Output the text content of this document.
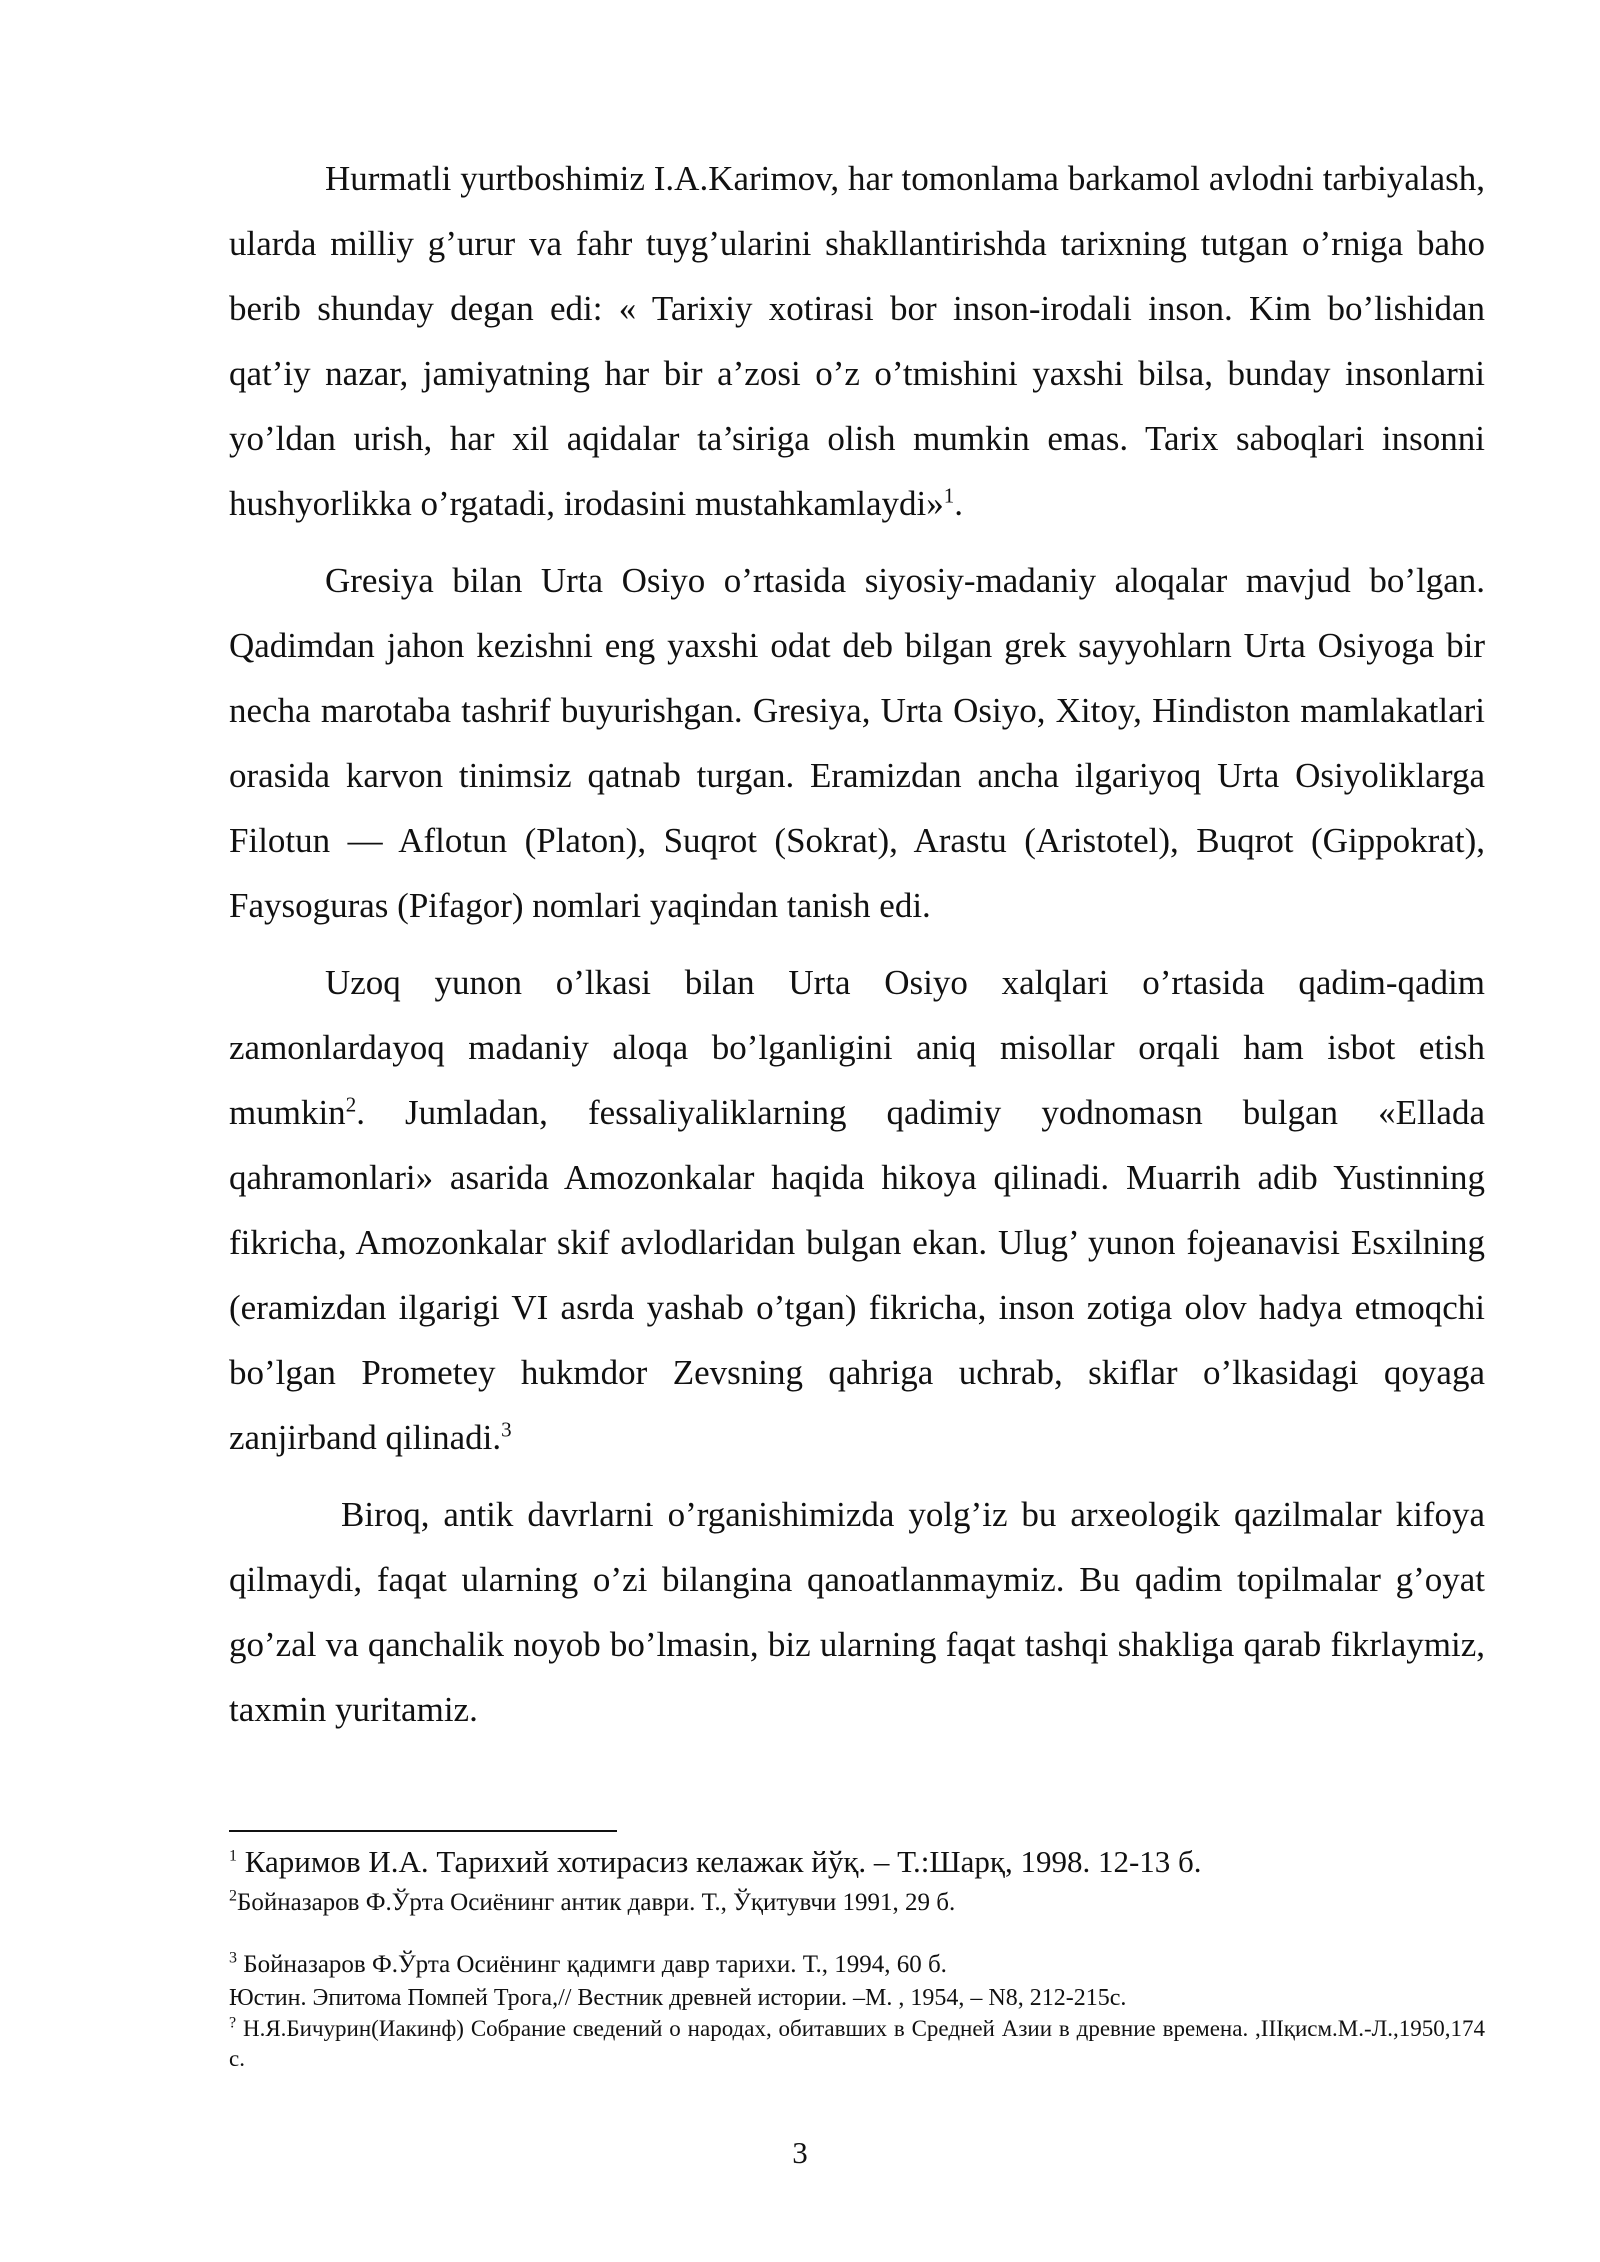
Hurmatli yurtboshimiz I.A.Karimov, har tomonlama barkamol avlodni tarbiyalash, ularda milliy g’urur va fahr tuyg’ularini shakllantirishda tarixning tutgan o’rniga baho berib shunday degan edi: « Tarixiy xotirasi bor inson-irodali inson. Kim bo’lishidan qat’iy nazar, jamiyatning har bir a’zosi o’z o’tmishini yaxshi bilsa, bunday insonlarni yo’ldan urish, har xil aqidalar ta’siriga olish mumkin emas. Tarix saboqlari insonni hushyorlikka o’rgatadi, irodasini mustahkamlaydi»$^1$.

Gresiya bilan Urta Osiyo o’rtasida siyosiy-madaniy aloqalar mavjud bo’lgan. Qadimdan jahon kezishni eng yaxshi odat deb bilgan grek sayyohlarn Urta Osiyoga bir necha marotaba tashrif buyurishgan. Gresiya, Urta Osiyo, Xitoy, Hindiston mamlakatlari orasida karvon tinimsiz qatnab turgan. Eramizdan ancha ilgariyoq Urta Osiyoliklarga Filotun — Aflotun (Platon), Suqrot (Sokrat), Arastu (Aristotel), Buqrot (Gippokrat), Faysoguras (Pifagor) nomlari yaqindan tanish edi.

Uzoq yunon o’lkasi bilan Urta Osiyo xalqlari o’rtasida qadim-qadim zamonlardayoq madaniy aloqa bo’lganligini aniq misollar orqali ham isbot etish mumkin$^2$. Jumladan, fessaliyaliklarning qadimiy yodnomasn bulgan «Ellada qahramonlari» asarida Amozonkalar haqida hikoya qilinadi. Muarrih adib Yustinning fikricha, Amozonkalar skif avlodlaridan bulgan ekan. Ulug’ yunon fojeanavisi Esxilning (eramizdan ilgarigi VI asrda yashab o’tgan) fikricha, inson zotiga olov hadya etmoqchi bo’lgan Prometey hukmdor Zevsning qahriga uchrab, skiflar o’lkasidagi qoyaga zanjirband qilinadi.$^3$

Biroq, antik davrlarni o’rganishimizda yolg’iz bu arxeologik qazilmalar kifoya qilmaydi, faqat ularning o’zi bilangina qanoatlanmaymiz. Bu qadim topilmalar g’oyat go’zal va qanchalik noyob bo’lmasin, biz ularning faqat tashqi shakliga qarab fikrlaymiz, taxmin yuritamiz.

$^1$ Каримов И.А. Тарихий хотирасиз келажак йўқ. – Т.:Шарқ, 1998. 12-13 б.

$^2$Бойназаров Ф.Ўрта Осиёнинг антик даври. Т., Ўқитувчи 1991, 29 б.

$^3$ Бойназаров Ф.Ўрта Осиёнинг қадимги давр тарихи. Т., 1994, 60 б.

Юстин. Эпитома Помпей Трога,// Вестник древней истории. –М. , 1954, – N8, 212-215с.

? Н.Я.Бичурин(Иакинф) Собрание сведений о народах, обитавших в Средней Азии в древние времена. ,IIIқисм.М.-Л.,1950,174 с.

3
